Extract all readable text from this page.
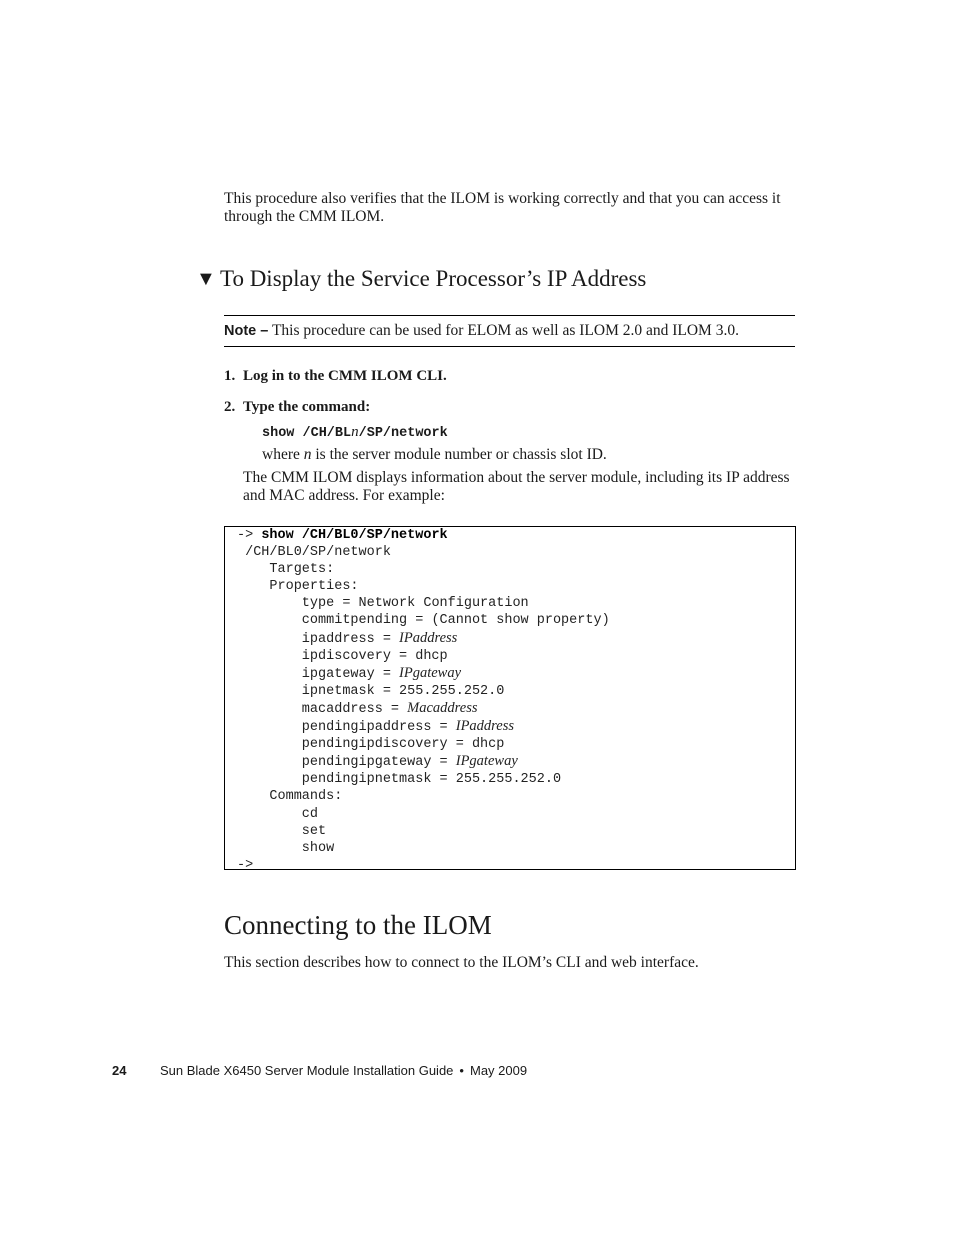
This procedure also verifies that the ILOM is working correctly and that you can access it through the CMM ILOM.

▼ To Display the Service Processor’s IP Address
Note – This procedure can be used for ELOM as well as ILOM 2.0 and ILOM 3.0.

1. Log in to the CMM ILOM CLI.

2. Type the command:

show /CH/BLn/SP/network

where n is the server module number or chassis slot ID.

The CMM ILOM displays information about the server module, including its IP address and MAC address. For example:

-> show /CH/BL0/SP/network
/CH/BL0/SP/network
Targets:
Properties:
type = Network Configuration
commitpending = (Cannot show property)
ipaddress = IPaddress
ipdiscovery = dhcp
ipgateway = IPgateway
ipnetmask = 255.255.252.0
macaddress = Macaddress
pendingipaddress = IPaddress
pendingipdiscovery = dhcp
pendingipgateway = IPgateway
pendingipnetmask = 255.255.252.0
Commands:
cd
set
show
->
Connecting to the ILOM

This section describes how to connect to the ILOM’s CLI and web interface.

24	Sun Blade X6450 Server Module Installation Guide • May 2009
